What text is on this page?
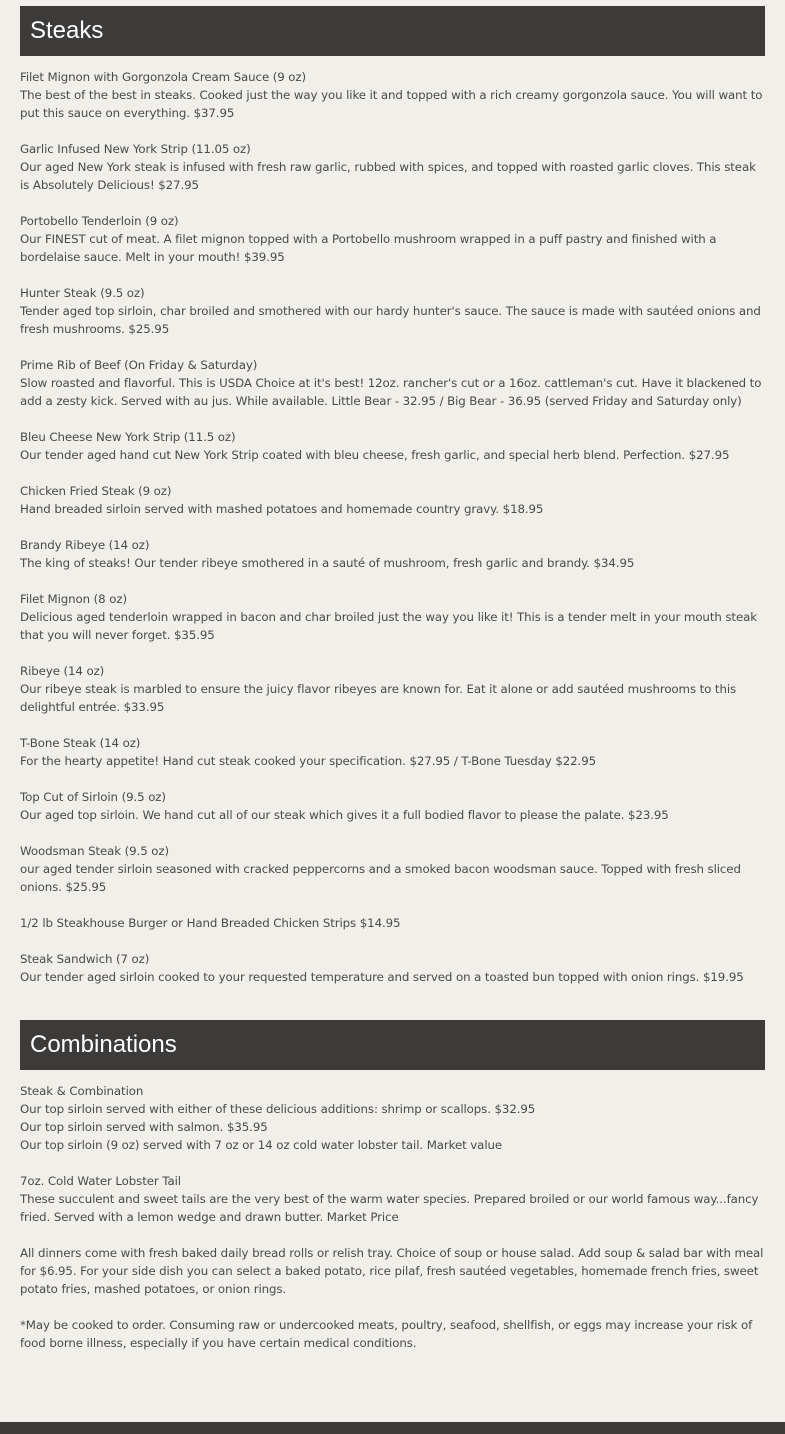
Steaks

Filet Mignon with Gorgonzola Cream Sauce (9 oz)

The best of the best in steaks. Cooked just the way you like it and topped with a rich creamy gorgonzola sauce. You will want to put this sauce on everything. $37.95

Garlic Infused New York Strip (11.05 oz)

Our aged New York steak is infused with fresh raw garlic, rubbed with spices, and topped with roasted garlic cloves. This steak is Absolutely Delicious! $27.95

Portobello Tenderloin (9 oz)

Our FINEST cut of meat. A filet mignon topped with a Portobello mushroom wrapped in a puff pastry and finished with a bordelaise sauce. Melt in your mouth! $39.95

Hunter Steak (9.5 oz)

Tender aged top sirloin, char broiled and smothered with our hardy hunter's sauce. The sauce is made with sautéed onions and fresh mushrooms. $25.95

Prime Rib of Beef (On Friday & Saturday)

Slow roasted and flavorful. This is USDA Choice at it's best! 12oz. rancher's cut or a 16oz. cattleman's cut. Have it blackened to add a zesty kick. Served with au jus. While available. Little Bear - 32.95 / Big Bear - 36.95 (served Friday and Saturday only)

Bleu Cheese New York Strip (11.5 oz)

Our tender aged hand cut New York Strip coated with bleu cheese, fresh garlic, and special herb blend. Perfection. $27.95

Chicken Fried Steak (9 oz)

Hand breaded sirloin served with mashed potatoes and homemade country gravy. $18.95

Brandy Ribeye (14 oz)

The king of steaks! Our tender ribeye smothered in a sauté of mushroom, fresh garlic and brandy. $34.95

Filet Mignon (8 oz)

Delicious aged tenderloin wrapped in bacon and char broiled just the way you like it! This is a tender melt in your mouth steak that you will never forget. $35.95

Ribeye (14 oz)

Our ribeye steak is marbled to ensure the juicy flavor ribeyes are known for. Eat it alone or add sautéed mushrooms to this delightful entrée. $33.95

T-Bone Steak (14 oz)

For the hearty appetite! Hand cut steak cooked your specification. $27.95 / T-Bone Tuesday $22.95

Top Cut of Sirloin (9.5 oz)

Our aged top sirloin. We hand cut all of our steak which gives it a full bodied flavor to please the palate. $23.95

Woodsman Steak (9.5 oz)

our aged tender sirloin seasoned with cracked peppercorns and a smoked bacon woodsman sauce. Topped with fresh sliced onions. $25.95

1/2 lb Steakhouse Burger or Hand Breaded Chicken Strips $14.95

Steak Sandwich (7 oz)

Our tender aged sirloin cooked to your requested temperature and served on a toasted bun topped with onion rings. $19.95

Combinations

Steak & Combination

Our top sirloin served with either of these delicious additions: shrimp or scallops. $32.95

Our top sirloin served with salmon. $35.95

Our top sirloin (9 oz) served with 7 oz or 14 oz cold water lobster tail. Market value

7oz. Cold Water Lobster Tail

These succulent and sweet tails are the very best of the warm water species. Prepared broiled or our world famous way...fancy fried. Served with a lemon wedge and drawn butter. Market Price

All dinners come with fresh baked daily bread rolls or relish tray. Choice of soup or house salad. Add soup & salad bar with meal for $6.95. For your side dish you can select a baked potato, rice pilaf, fresh sautéed vegetables, homemade french fries, sweet potato fries, mashed potatoes, or onion rings.

*May be cooked to order. Consuming raw or undercooked meats, poultry, seafood, shellfish, or eggs may increase your risk of food borne illness, especially if you have certain medical conditions.
